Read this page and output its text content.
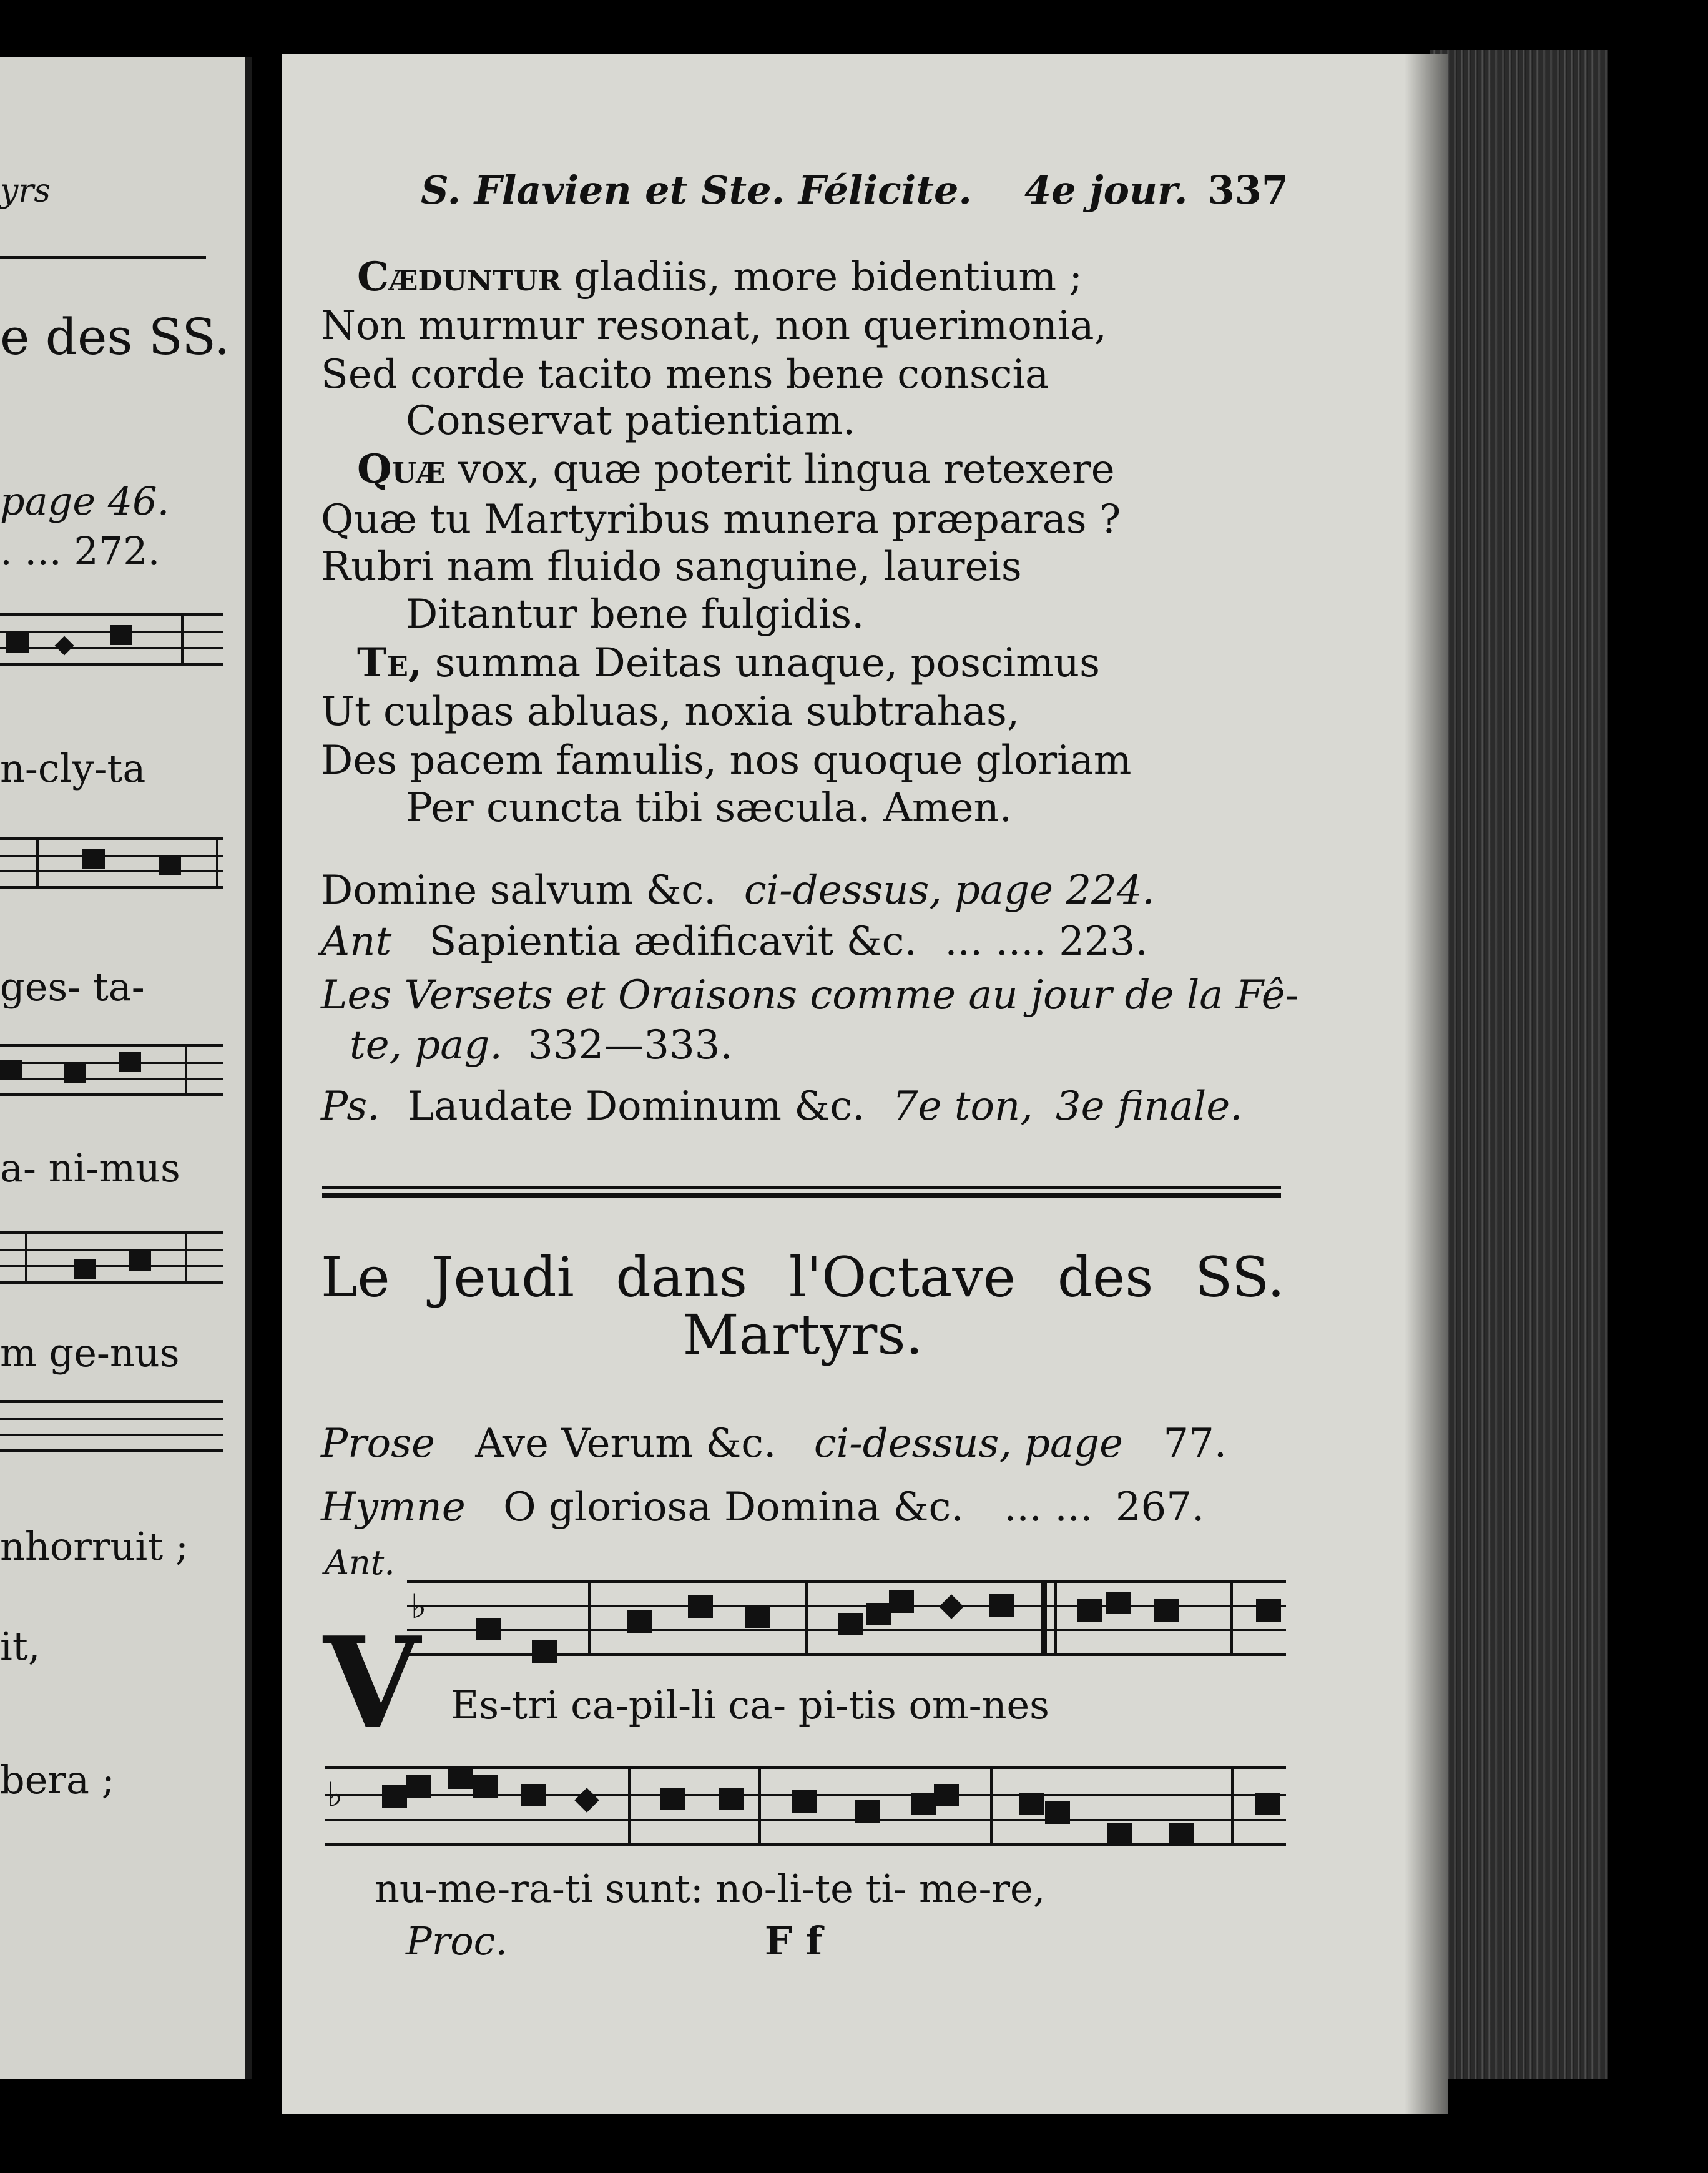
yrs
e des SS.
page 46.
. ... 272.
n-cly-ta
ges- ta-
a- ni-mus
m ge-nus
nhorruit ;
it,
bera ;
S. Flavien et Ste. Félicite. 4e jour. 337
Cæduntur gladiis, more bidentium ;
Non murmur resonat, non querimonia,
Sed corde tacito mens bene conscia
Conservat patientiam.
Quæ vox, quæ poterit lingua retexere
Quæ tu Martyribus munera præparas ?
Rubri nam fluido sanguine, laureis
Ditantur bene fulgidis.
Te, summa Deitas unaque, poscimus
Ut culpas abluas, noxia subtrahas,
Des pacem famulis, nos quoque gloriam
Per cuncta tibi sæcula. Amen.
Domine salvum &c. ci-dessus, page 224.
Ant Sapientia ædificavit &c. ... .... 223.
Les Versets et Oraisons comme au jour de la Fê-
te, pag. 332—333.
Ps. Laudate Dominum &c. 7e ton, 3e finale.
Le Jeudi dans l'Octave des SS.
Martyrs.
Prose Ave Verum &c. ci-dessus, page 77.
Hymne O gloriosa Domina &c. ... ... 267.
Ant.
♭
V Es-tri ca-pil-li ca- pi-tis om-nes
♭
nu-me-ra-ti sunt: no-li-te ti- me-re,
Proc.	F f
